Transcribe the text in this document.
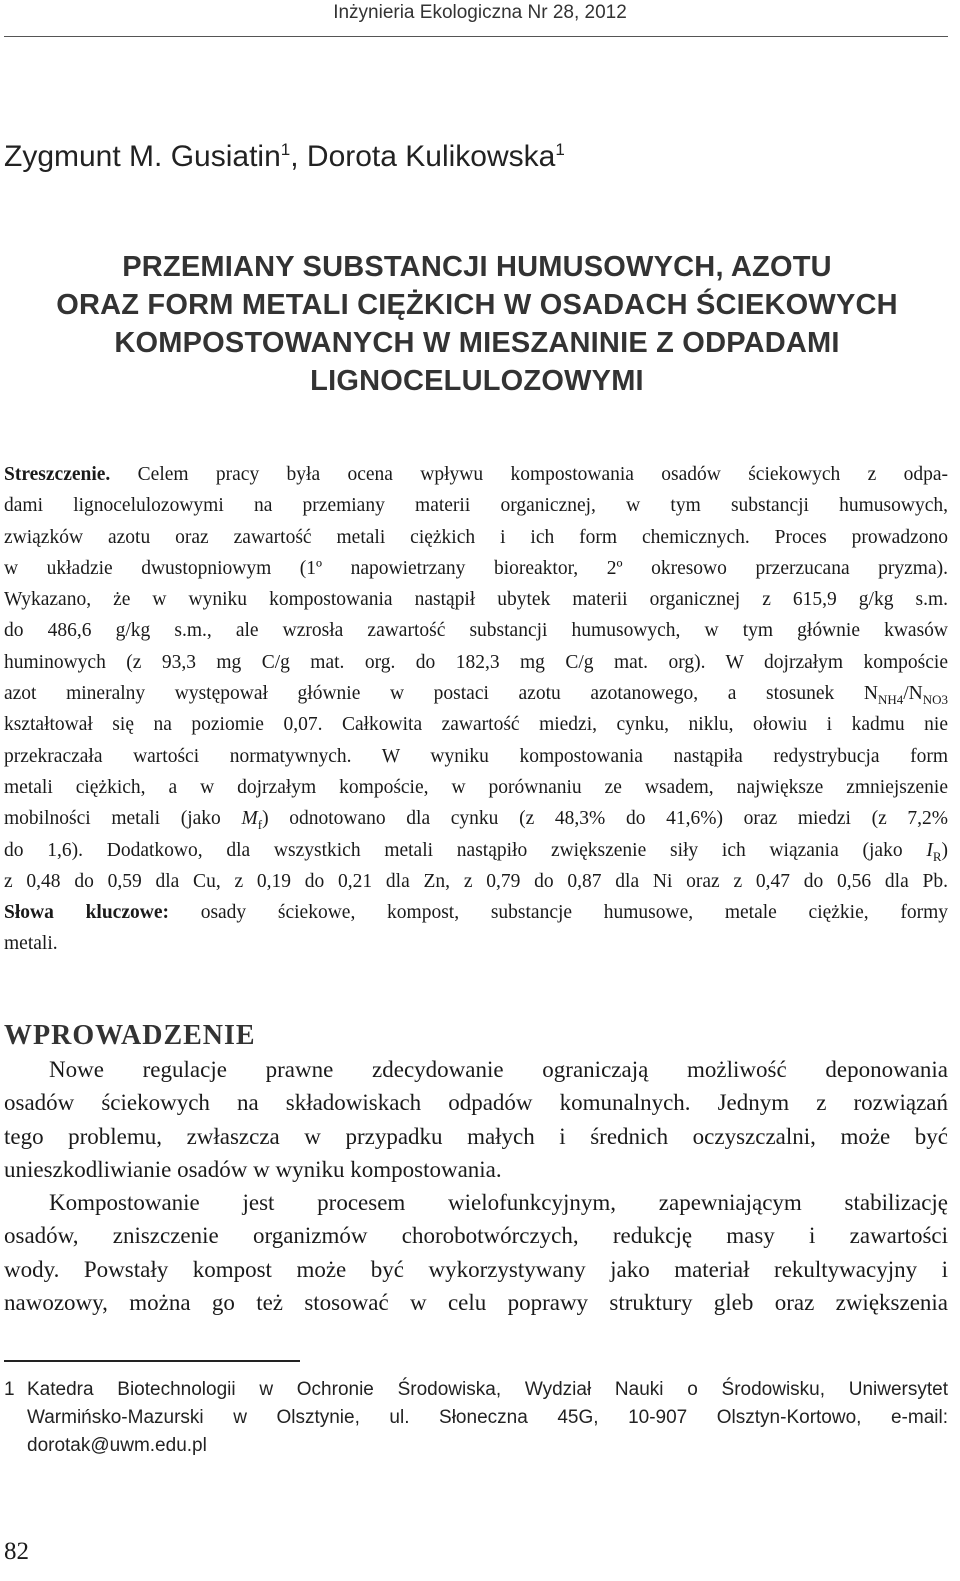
Inżynieria Ekologiczna Nr 28, 2012
Zygmunt M. Gusiatin$^1$, Dorota Kulikowska$^1$
PRZEMIANY SUBSTANCJI HUMUSOWYCH, AZOTU
ORAZ FORM METALI CIĘŻKICH W OSADACH ŚCIEKOWYCH
KOMPOSTOWANYCH W MIESZANINIE Z ODPADAMI
LIGNOCELULOZOWYMI
Streszczenie. Celem pracy była ocena wpływu kompostowania osadów ściekowych z odpa-
dami lignocelulozowymi na przemiany materii organicznej, w tym substancji humusowych,
związków azotu oraz zawartość metali ciężkich i ich form chemicznych. Proces prowadzono
w układzie dwustopniowym (1º napowietrzany bioreaktor, 2º okresowo przerzucana pryzma).
Wykazano, że w wyniku kompostowania nastąpił ubytek materii organicznej z 615,9 g/kg s.m.
do 486,6 g/kg s.m., ale wzrosła zawartość substancji humusowych, w tym głównie kwasów
huminowych (z 93,3 mg C/g mat. org. do 182,3 mg C/g mat. org). W dojrzałym kompoście
azot mineralny występował głównie w postaci azotu azotanowego, a stosunek $N_{NH4}/N_{NO3}$
kształtował się na poziomie 0,07. Całkowita zawartość miedzi, cynku, niklu, ołowiu i kadmu nie
przekraczała wartości normatywnych. W wyniku kompostowania nastąpiła redystrybucja form
metali ciężkich, a w dojrzałym kompoście, w porównaniu ze wsadem, największe zmniejszenie
mobilności metali (jako $M_f$) odnotowano dla cynku (z 48,3% do 41,6%) oraz miedzi (z 7,2%
do 1,6). Dodatkowo, dla wszystkich metali nastąpiło zwiększenie siły ich wiązania (jako $I_R$)
z 0,48 do 0,59 dla Cu, z 0,19 do 0,21 dla Zn, z 0,79 do 0,87 dla Ni oraz z 0,47 do 0,56 dla Pb.
Słowa kluczowe: osady ściekowe, kompost, substancje humusowe, metale ciężkie, formy
metali.
WPROWADZENIE
Nowe regulacje prawne zdecydowanie ograniczają możliwość deponowania
osadów ściekowych na składowiskach odpadów komunalnych. Jednym z rozwiązań
tego problemu, zwłaszcza w przypadku małych i średnich oczyszczalni, może być
unieszkodliwianie osadów w wyniku kompostowania.
Kompostowanie jest procesem wielofunkcyjnym, zapewniającym stabilizację
osadów, zniszczenie organizmów chorobotwórczych, redukcję masy i zawartości
wody. Powstały kompost może być wykorzystywany jako materiał rekultywacyjny i
nawozowy, można go też stosować w celu poprawy struktury gleb oraz zwiększenia
1 Katedra Biotechnologii w Ochronie Środowiska, Wydział Nauki o Środowisku, Uniwersytet
Warmińsko-Mazurski w Olsztynie, ul. Słoneczna 45G, 10-907 Olsztyn-Kortowo, e-mail:
dorotak@uwm.edu.pl
82
